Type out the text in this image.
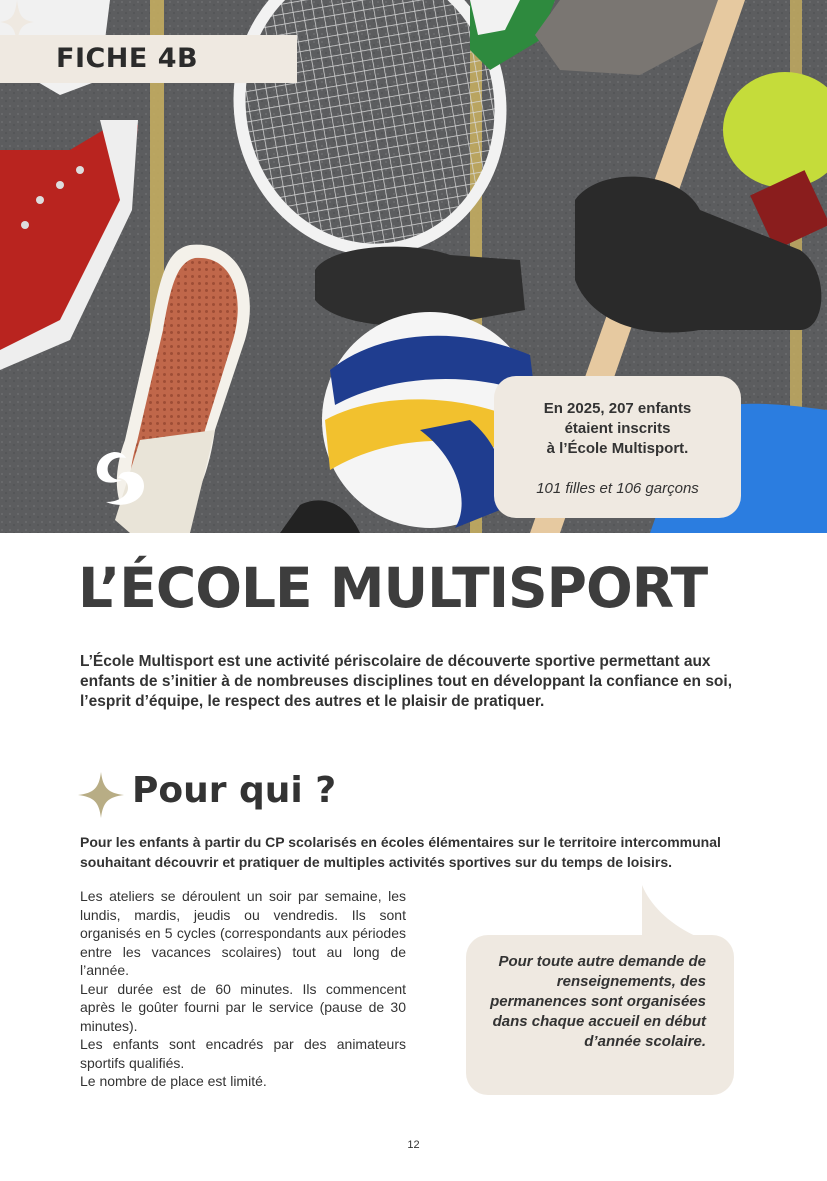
FICHE 4B
En 2025, 207 enfants
étaient inscrits
à l’École Multisport.
101 filles et 106 garçons
L’ÉCOLE MULTISPORT

L’École Multisport est une activité périscolaire de découverte sportive permettant aux enfants de s’initier à de nombreuses disciplines tout en développant la confiance en soi, l’esprit d’équipe, le respect des autres et le plaisir de pratiquer.

Pour qui ?

Pour les enfants à partir du CP scolarisés en écoles élémentaires sur le territoire intercommunal souhaitant découvrir et pratiquer de multiples activités sportives sur du temps de loisirs.

Les ateliers se déroulent un soir par semaine, les lundis, mardis, jeudis ou vendredis. Ils sont organisés en 5 cycles (correspondants aux périodes entre les vacances scolaires) tout au long de l’année.
Leur durée est de 60 minutes. Ils commencent après le goûter fourni par le service (pause de 30 minutes).
Les enfants sont encadrés par des animateurs sportifs qualifiés.
Le nombre de place est limité.

Pour toute autre demande de renseignements, des permanences sont organisées dans chaque accueil en début d’année scolaire.

12
